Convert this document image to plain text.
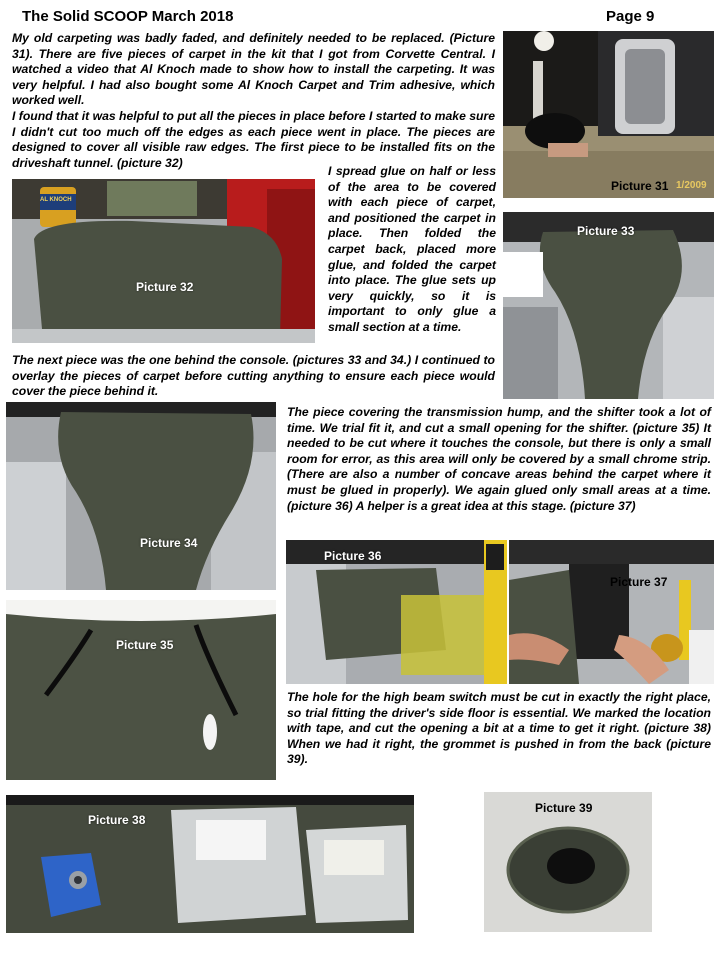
The Solid SCOOP March 2018	Page 9

My old carpeting was badly faded, and definitely needed to be replaced. (Picture 31). There are five pieces of carpet in the kit that I got from Corvette Central. I watched a video that Al Knoch made to show how to install the carpeting. It was very helpful. I had also bought some Al Knoch Carpet and Trim adhesive, which worked well.

I found that it was helpful to put all the pieces in place before I started to make sure I didn't cut too much off the edges as each piece went in place. The pieces are designed to cover all visible raw edges. The first piece to be installed fits on the driveshaft tunnel. (picture 32)

I spread glue on half or less of the area to be covered with each piece of carpet, and positioned the carpet in place. Then folded the carpet back, placed more glue, and folded the carpet into place. The glue sets up very quickly, so it is important to only glue a small section at a time.

The next piece was the one behind the console. (pictures 33 and 34.) I continued to overlay the pieces of carpet before cutting anything to ensure each piece would cover the piece behind it.

The piece covering the transmission hump, and the shifter took a lot of time. We trial fit it, and cut a small opening for the shifter. (picture 35) It needed to be cut where it touches the console, but there is only a small room for error, as this area will only be covered by a small chrome strip. (There are also a number of concave areas behind the carpet where it must be glued in properly). We again glued only small areas at a time. (picture 36) A helper is a great idea at this stage. (picture 37)

The hole for the high beam switch must be cut in exactly the right place, so trial fitting the driver's side floor is essential. We marked the location with tape, and cut the opening a bit at a time to get it right. (picture 38) When we had it right, the grommet is pushed in from the back (picture 39).

Picture 31 1/2009
AL KNOCH
Picture 32
Picture 33
Picture 34
Picture 35
Picture 36
Picture 37
Picture 38
Picture 39
